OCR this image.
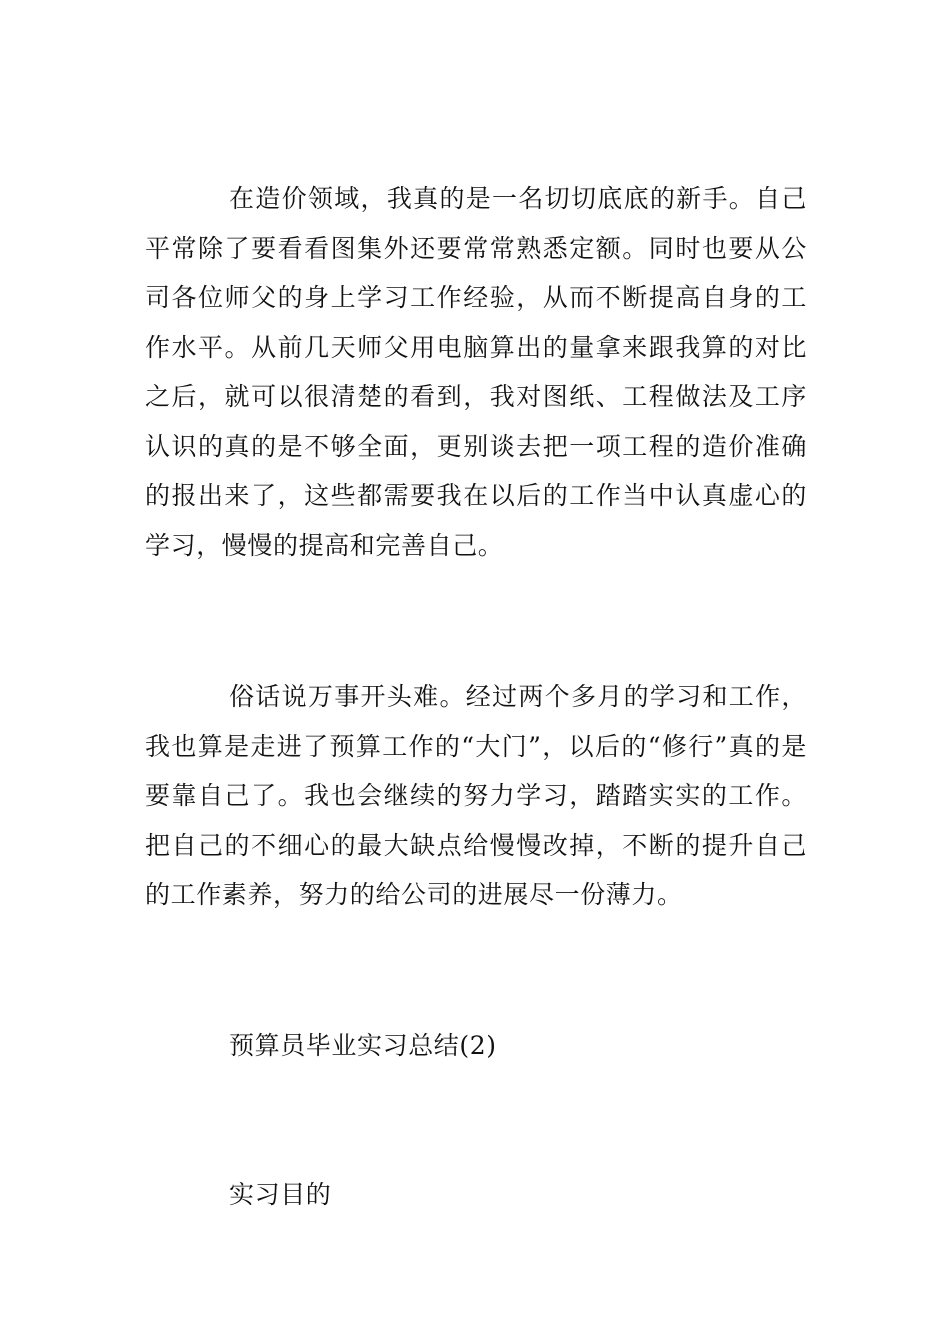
在造价领域，我真的是一名切切底底的新手。自己平常除了要看看图集外还要常常熟悉定额。同时也要从公司各位师父的身上学习工作经验，从而不断提高自身的工作水平。从前几天师父用电脑算出的量拿来跟我算的对比之后，就可以很清楚的看到，我对图纸、工程做法及工序认识的真的是不够全面，更别谈去把一项工程的造价准确的报出来了，这些都需要我在以后的工作当中认真虚心的学习，慢慢的提高和完善自己。

俗话说万事开头难。经过两个多月的学习和工作，我也算是走进了预算工作的“大门”，以后的“修行”真的是要靠自己了。我也会继续的努力学习，踏踏实实的工作。把自己的不细心的最大缺点给慢慢改掉，不断的提升自己的工作素养，努力的给公司的进展尽一份薄力。

预算员毕业实习总结(2)
实习目的
